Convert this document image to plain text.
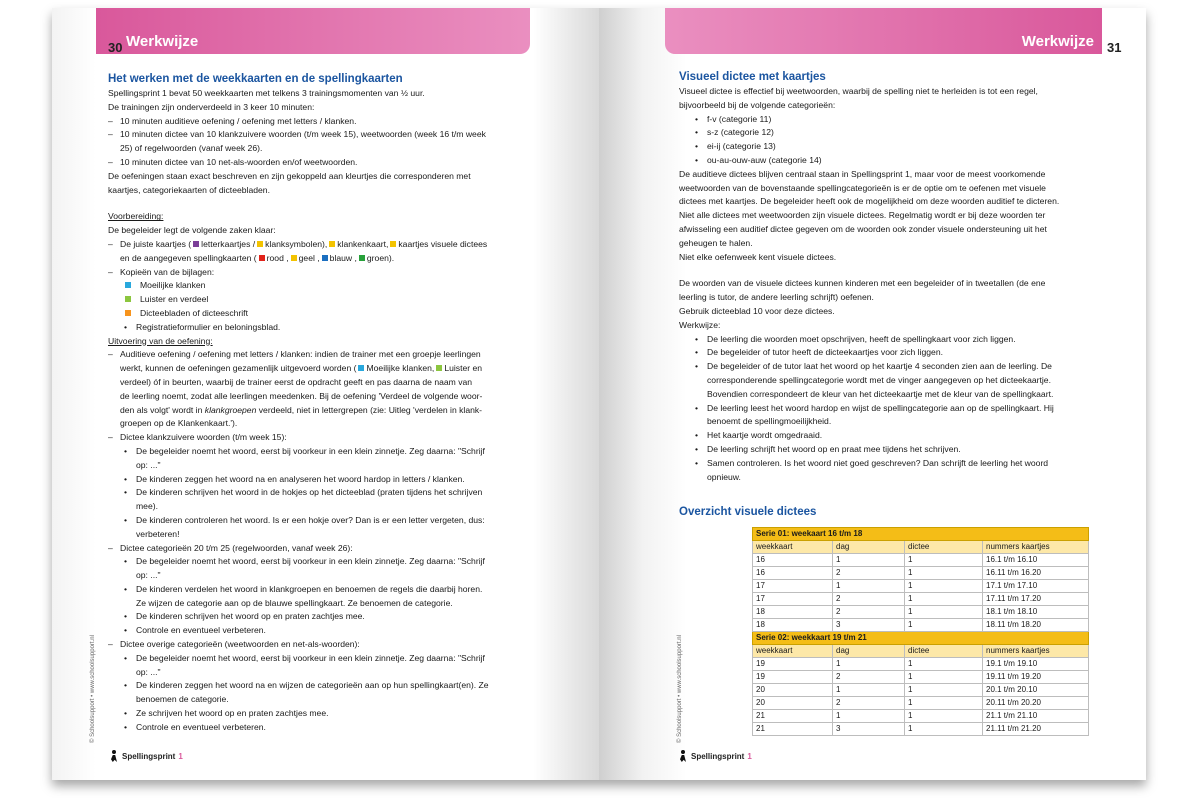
Werkwijze
30
Het werken met de weekkaarten en de spellingkaarten

Spellingsprint 1 bevat 50 weekkaarten met telkens 3 trainingsmomenten van ½ uur.

De trainingen zijn onderverdeeld in 3 keer 10 minuten:

– 10 minuten auditieve oefening / oefening met letters / klanken.

– 10 minuten dictee van 10 klankzuivere woorden (t/m week 15), weetwoorden (week 16 t/m week
25) of regelwoorden (vanaf week 26).

– 10 minuten dictee van 10 net-als-woorden en/of weetwoorden.

De oefeningen staan exact beschreven en zijn gekoppeld aan kleurtjes die corresponderen met

kaartjes, categoriekaarten of dicteebladen.

Voorbereiding:

De begeleider legt de volgende zaken klaar:

– De juiste kaartjes ( letterkaartjes / klanksymbolen), klankenkaart, kaartjes visuele dictees
en de aangegeven spellingkaarten ( rood , geel , blauw , groen).

– Kopieën van de bijlagen:

Moeilijke klanken

Luister en verdeel

Dicteebladen of dicteeschrift

• Registratieformulier en beloningsblad.

Uitvoering van de oefening:

– Auditieve oefening / oefening met letters / klanken: indien de trainer met een groepje leerlingen
werkt, kunnen de oefeningen gezamenlijk uitgevoerd worden ( Moeilijke klanken, Luister en
verdeel) óf in beurten, waarbij de trainer eerst de opdracht geeft en pas daarna de naam van
de leerling noemt, zodat alle leerlingen meedenken. Bij de oefening 'Verdeel de volgende woor-
den als volgt' wordt in klankgroepen verdeeld, niet in lettergrepen (zie: Uitleg 'verdelen in klank-
groepen op de Klankenkaart.').

– Dictee klankzuivere woorden (t/m week 15):

• De begeleider noemt het woord, eerst bij voorkeur in een klein zinnetje. Zeg daarna: "Schrijf
op: ..."

• De kinderen zeggen het woord na en analyseren het woord hardop in letters / klanken.

• De kinderen schrijven het woord in de hokjes op het dicteeblad (praten tijdens het schrijven
mee).

• De kinderen controleren het woord. Is er een hokje over? Dan is er een letter vergeten, dus:
verbeteren!

– Dictee categorieën 20 t/m 25 (regelwoorden, vanaf week 26):

• De begeleider noemt het woord, eerst bij voorkeur in een klein zinnetje. Zeg daarna: "Schrijf
op: ..."

• De kinderen verdelen het woord in klankgroepen en benoemen de regels die daarbij horen.
Ze wijzen de categorie aan op de blauwe spellingkaart. Ze benoemen de categorie.

• De kinderen schrijven het woord op en praten zachtjes mee.

• Controle en eventueel verbeteren.

– Dictee overige categorieën (weetwoorden en net-als-woorden):

• De begeleider noemt het woord, eerst bij voorkeur in een klein zinnetje. Zeg daarna: "Schrijf
op: ..."

• De kinderen zeggen het woord na en wijzen de categorieën aan op hun spellingkaart(en). Ze
benoemen de categorie.

• Ze schrijven het woord op en praten zachtjes mee.

• Controle en eventueel verbeteren.

© Schoolsupport • www.schoolsupport.nl
Spellingsprint 1
Werkwijze 31
Visueel dictee met kaartjes

Visueel dictee is effectief bij weetwoorden, waarbij de spelling niet te herleiden is tot een regel,

bijvoorbeeld bij de volgende categorieën:

• f-v (categorie 11)

• s-z (categorie 12)

• ei-ij (categorie 13)

• ou-au-ouw-auw (categorie 14)

De auditieve dictees blijven centraal staan in Spellingsprint 1, maar voor de meest voorkomende

weetwoorden van de bovenstaande spellingcategorieën is er de optie om te oefenen met visuele

dictees met kaartjes. De begeleider heeft ook de mogelijkheid om deze woorden auditief te dicteren.

Niet alle dictees met weetwoorden zijn visuele dictees. Regelmatig wordt er bij deze woorden ter

afwisseling een auditief dictee gegeven om de woorden ook zonder visuele ondersteuning uit het

geheugen te halen.

Niet elke oefenweek kent visuele dictees.

De woorden van de visuele dictees kunnen kinderen met een begeleider of in tweetallen (de ene

leerling is tutor, de andere leerling schrijft) oefenen.

Gebruik dicteeblad 10 voor deze dictees.

Werkwijze:

• De leerling die woorden moet opschrijven, heeft de spellingkaart voor zich liggen.

• De begeleider of tutor heeft de dicteekaartjes voor zich liggen.

• De begeleider of de tutor laat het woord op het kaartje 4 seconden zien aan de leerling. De
corresponderende spellingcategorie wordt met de vinger aangegeven op het dicteekaartje.
Bovendien correspondeert de kleur van het dicteekaartje met de kleur van de spellingkaart.

• De leerling leest het woord hardop en wijst de spellingcategorie aan op de spellingkaart. Hij
benoemt de spellingmoeilijkheid.

• Het kaartje wordt omgedraaid.

• De leerling schrijft het woord op en praat mee tijdens het schrijven.

• Samen controleren. Is het woord niet goed geschreven? Dan schrijft de leerling het woord
opnieuw.

Overzicht visuele dictees
Serie 01: weekaart 16 t/m 18			
weekkaart	dag	dictee	nummers kaartjes
16	1	1	16.1 t/m 16.10
16	2	1	16.11 t/m 16.20
17	1	1	17.1 t/m 17.10
17	2	1	17.11 t/m 17.20
18	2	1	18.1 t/m 18.10
18	3	1	18.11 t/m 18.20
Serie 02: weekkaart 19 t/m 21			
weekkaart	dag	dictee	nummers kaartjes
19	1	1	19.1 t/m 19.10
19	2	1	19.11 t/m 19.20
20	1	1	20.1 t/m 20.10
20	2	1	20.11 t/m 20.20
21	1	1	21.1 t/m 21.10
21	3	1	21.11 t/m 21.20
© Schoolsupport • www.schoolsupport.nl
Spellingsprint 1
